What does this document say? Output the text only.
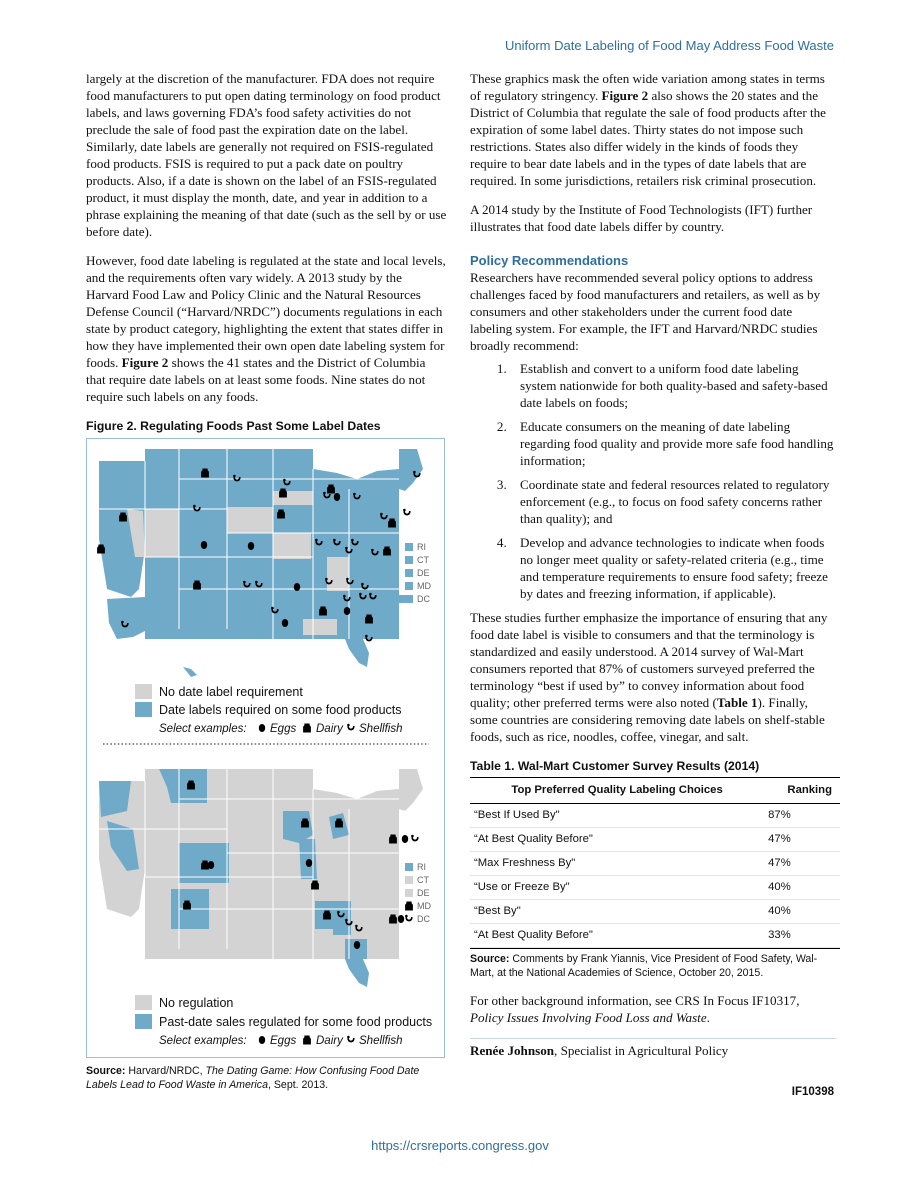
Uniform Date Labeling of Food May Address Food Waste

largely at the discretion of the manufacturer. FDA does not require food manufacturers to put open dating terminology on food product labels, and laws governing FDA’s food safety activities do not preclude the sale of food past the expiration date on the label. Similarly, date labels are generally not required on FSIS-regulated food products. FSIS is required to put a pack date on poultry products. Also, if a date is shown on the label of an FSIS-regulated product, it must display the month, date, and year in addition to a phrase explaining the meaning of that date (such as the sell by or use before date).

However, food date labeling is regulated at the state and local levels, and the requirements often vary widely. A 2013 study by the Harvard Food Law and Policy Clinic and the Natural Resources Defense Council (“Harvard/NRDC”) documents regulations in each state by product category, highlighting the extent that states differ in how they have implemented their own open date labeling system for foods. Figure 2 shows the 41 states and the District of Columbia that require date labels on at least some foods. Nine states do not require such labels on any foods.

Figure 2. Regulating Foods Past Some Label Dates
RI
CT
DE
MD
DC
No date label requirement
Date labels required on some food products
Select examples: Eggs Dairy Shellfish
RI
CT
DE
MD
DC
No regulation
Past-date sales regulated for some food products
Select examples: Eggs Dairy Shellfish
Source: Harvard/NRDC, The Dating Game: How Confusing Food Date Labels Lead to Food Waste in America, Sept. 2013.

These graphics mask the often wide variation among states in terms of regulatory stringency. Figure 2 also shows the 20 states and the District of Columbia that regulate the sale of food products after the expiration of some label dates. Thirty states do not impose such restrictions. States also differ widely in the kinds of foods they require to bear date labels and in the types of date labels that are required. In some jurisdictions, retailers risk criminal prosecution.

A 2014 study by the Institute of Food Technologists (IFT) further illustrates that food date labels differ by country.

Policy Recommendations

Researchers have recommended several policy options to address challenges faced by food manufacturers and retailers, as well as by consumers and other stakeholders under the current food date labeling system. For example, the IFT and Harvard/NRDC studies broadly recommend:

1. Establish and convert to a uniform food date labeling system nationwide for both quality-based and safety-based date labels on foods;
2. Educate consumers on the meaning of date labeling regarding food quality and provide more safe food handling information;
3. Coordinate state and federal resources related to regulatory enforcement (e.g., to focus on food safety concerns rather than quality); and
4. Develop and advance technologies to indicate when foods no longer meet quality or safety-related criteria (e.g., time and temperature requirements to ensure food safety; freeze by dates and freezing information, if applicable).

These studies further emphasize the importance of ensuring that any food date label is visible to consumers and that the terminology is standardized and easily understood. A 2014 survey of Wal-Mart consumers reported that 87% of customers surveyed preferred the terminology “best if used by” to convey information about food quality; other preferred terms were also noted (Table 1). Finally, some countries are considering removing date labels on shelf-stable foods, such as rice, noodles, coffee, vinegar, and salt.

Table 1. Wal-Mart Customer Survey Results (2014)
Top Preferred Quality Labeling Choices	Ranking
“Best If Used By"	87%
“At Best Quality Before"	47%
“Max Freshness By"	47%
“Use or Freeze By"	40%
“Best By"	40%
“At Best Quality Before"	33%
Source: Comments by Frank Yiannis, Vice President of Food Safety, Wal-Mart, at the National Academies of Science, October 20, 2015.

For other background information, see CRS In Focus IF10317, Policy Issues Involving Food Loss and Waste.

Renée Johnson, Specialist in Agricultural Policy
IF10398
https://crsreports.congress.gov
